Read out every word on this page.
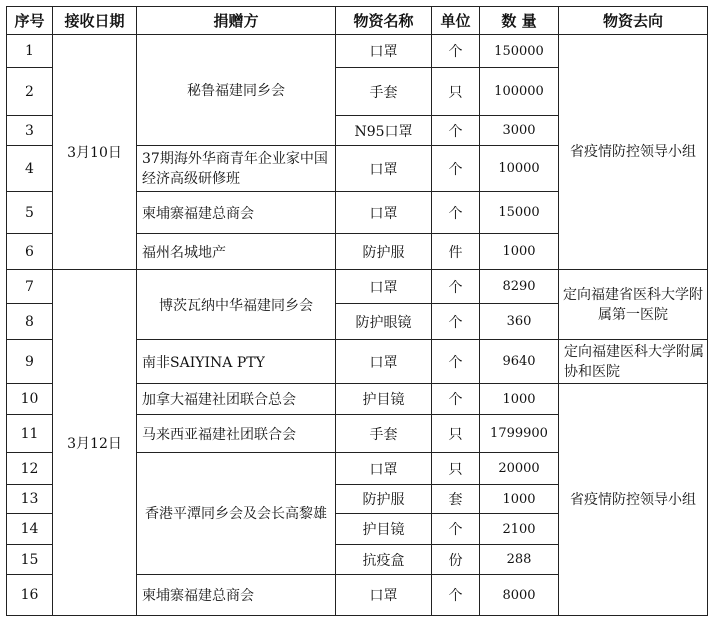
序号	接收日期	捐赠方	物资名称	单位	数 量	物资去向
1	3月10日	秘鲁福建同乡会	口罩	个	150000	省疫情防控领导小组
2			手套	只	100000	
3			N95口罩	个	3000	
4		37期海外华商青年企业家中国经济高级研修班	口罩	个	10000	
5		柬埔寨福建总商会	口罩	个	15000	
6		福州名城地产	防护服	件	1000	
7	3月12日	博茨瓦纳中华福建同乡会	口罩	个	8290	定向福建省医科大学附属第一医院
8			防护眼镜	个	360	
9		南非SAIYINA PTY	口罩	个	9640	定向福建医科大学附属协和医院
10		加拿大福建社团联合总会	护目镜	个	1000	省疫情防控领导小组
11		马来西亚福建社团联合会	手套	只	1799900	
12		香港平潭同乡会及会长高黎雄	口罩	只	20000	
13			防护服	套	1000	
14			护目镜	个	2100	
15			抗疫盒	份	288	
16		柬埔寨福建总商会	口罩	个	8000	
